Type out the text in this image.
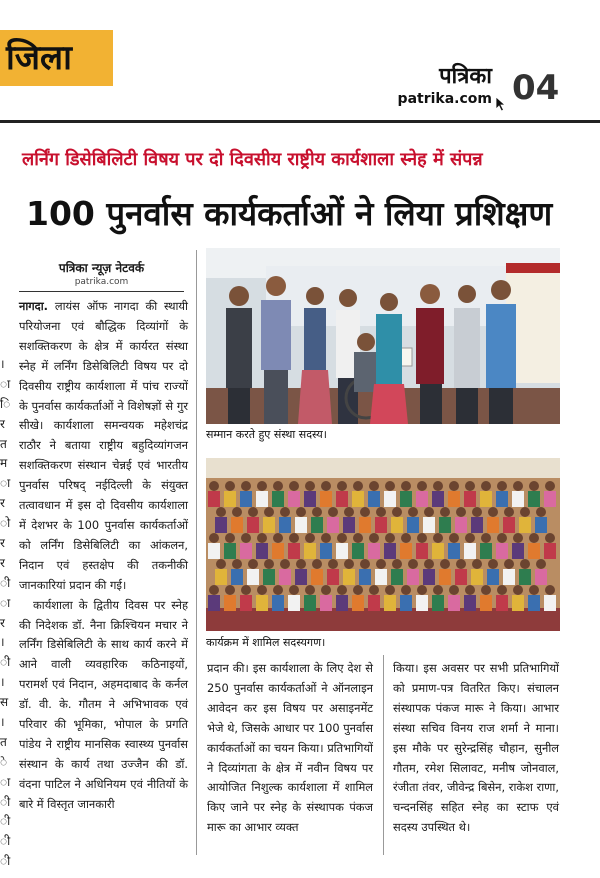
जिला	पत्रिका
patrika.com 04
लर्निंग डिसेबिलिटी विषय पर दो दिवसीय राष्ट्रीय कार्यशाला स्नेह में संपन्न
100 पुनर्वास कार्यकर्ताओं ने लिया प्रशिक्षण
।
ा
ि
र
त
म
ा
र
ो
र
र
ी
ा
र
।
ी
।
स
।
त
े
ा
ी
ी
ी
ी
पत्रिका न्यूज़ नेटवर्क
patrika.com

नागदा. लायंस ऑफ नागदा की स्थायी परियोजना एवं बौद्धिक दिव्यांगों के सशक्तिकरण के क्षेत्र में कार्यरत संस्था स्नेह में लर्निंग डिसेबिलिटी विषय पर दो दिवसीय राष्ट्रीय कार्यशाला में पांच राज्यों के पुनर्वास कार्यकर्ताओं ने विशेषज्ञों से गुर सीखे। कार्यशाला समन्वयक महेशचंद्र राठौर ने बताया राष्ट्रीय बहुदिव्यांगजन सशक्तिकरण संस्थान चेन्नई एवं भारतीय पुनर्वास परिषद् नईदिल्ली के संयुक्त तत्वावधान में इस दो दिवसीय कार्यशाला में देशभर के 100 पुनर्वास कार्यकर्ताओं को लर्निंग डिसेबिलिटी का आंकलन, निदान एवं हस्तक्षेप की तकनीकी जानकारियां प्रदान की गई।

कार्यशाला के द्वितीय दिवस पर स्नेह की निदेशक डॉ. नैना क्रिश्चियन मचार ने लर्निंग डिसेबिलिटी के साथ कार्य करने में आने वाली व्यवहारिक कठिनाइयों, परामर्श एवं निदान, अहमदाबाद के कर्नल डॉ. वी. के. गौतम ने अभिभावक एवं परिवार की भूमिका, भोपाल के प्रगति पांडेय ने राष्ट्रीय मानसिक स्वास्थ्य पुनर्वास संस्थान के कार्य तथा उज्जैन की डॉ. वंदना पाटिल ने अधिनियम एवं नीतियों के बारे में विस्तृत जानकारी

सम्मान करते हुए संस्था सदस्य।
कार्यक्रम में शामिल सदस्यगण।

प्रदान की। इस कार्यशाला के लिए देश से 250 पुनर्वास कार्यकर्ताओं ने ऑनलाइन आवेदन कर इस विषय पर असाइनमेंट भेजे थे, जिसके आधार पर 100 पुनर्वास कार्यकर्ताओं का चयन किया। प्रतिभागियों ने दिव्यांगता के क्षेत्र में नवीन विषय पर आयोजित निशुल्क कार्यशाला में शामिल किए जाने पर स्नेह के संस्थापक पंकज मारू का आभार व्यक्त

किया। इस अवसर पर सभी प्रतिभागियों को प्रमाण-पत्र वितरित किए। संचालन संस्थापक पंकज मारू ने किया। आभार संस्था सचिव विनय राज शर्मा ने माना। इस मौके पर सुरेन्द्रसिंह चौहान, सुनील गौतम, रमेश सिलावट, मनीष जोनवाल, रंजीता तंवर, जीवेन्द्र बिसेन, राकेश राणा, चन्दनसिंह सहित स्नेह का स्टाफ एवं सदस्य उपस्थित थे।
